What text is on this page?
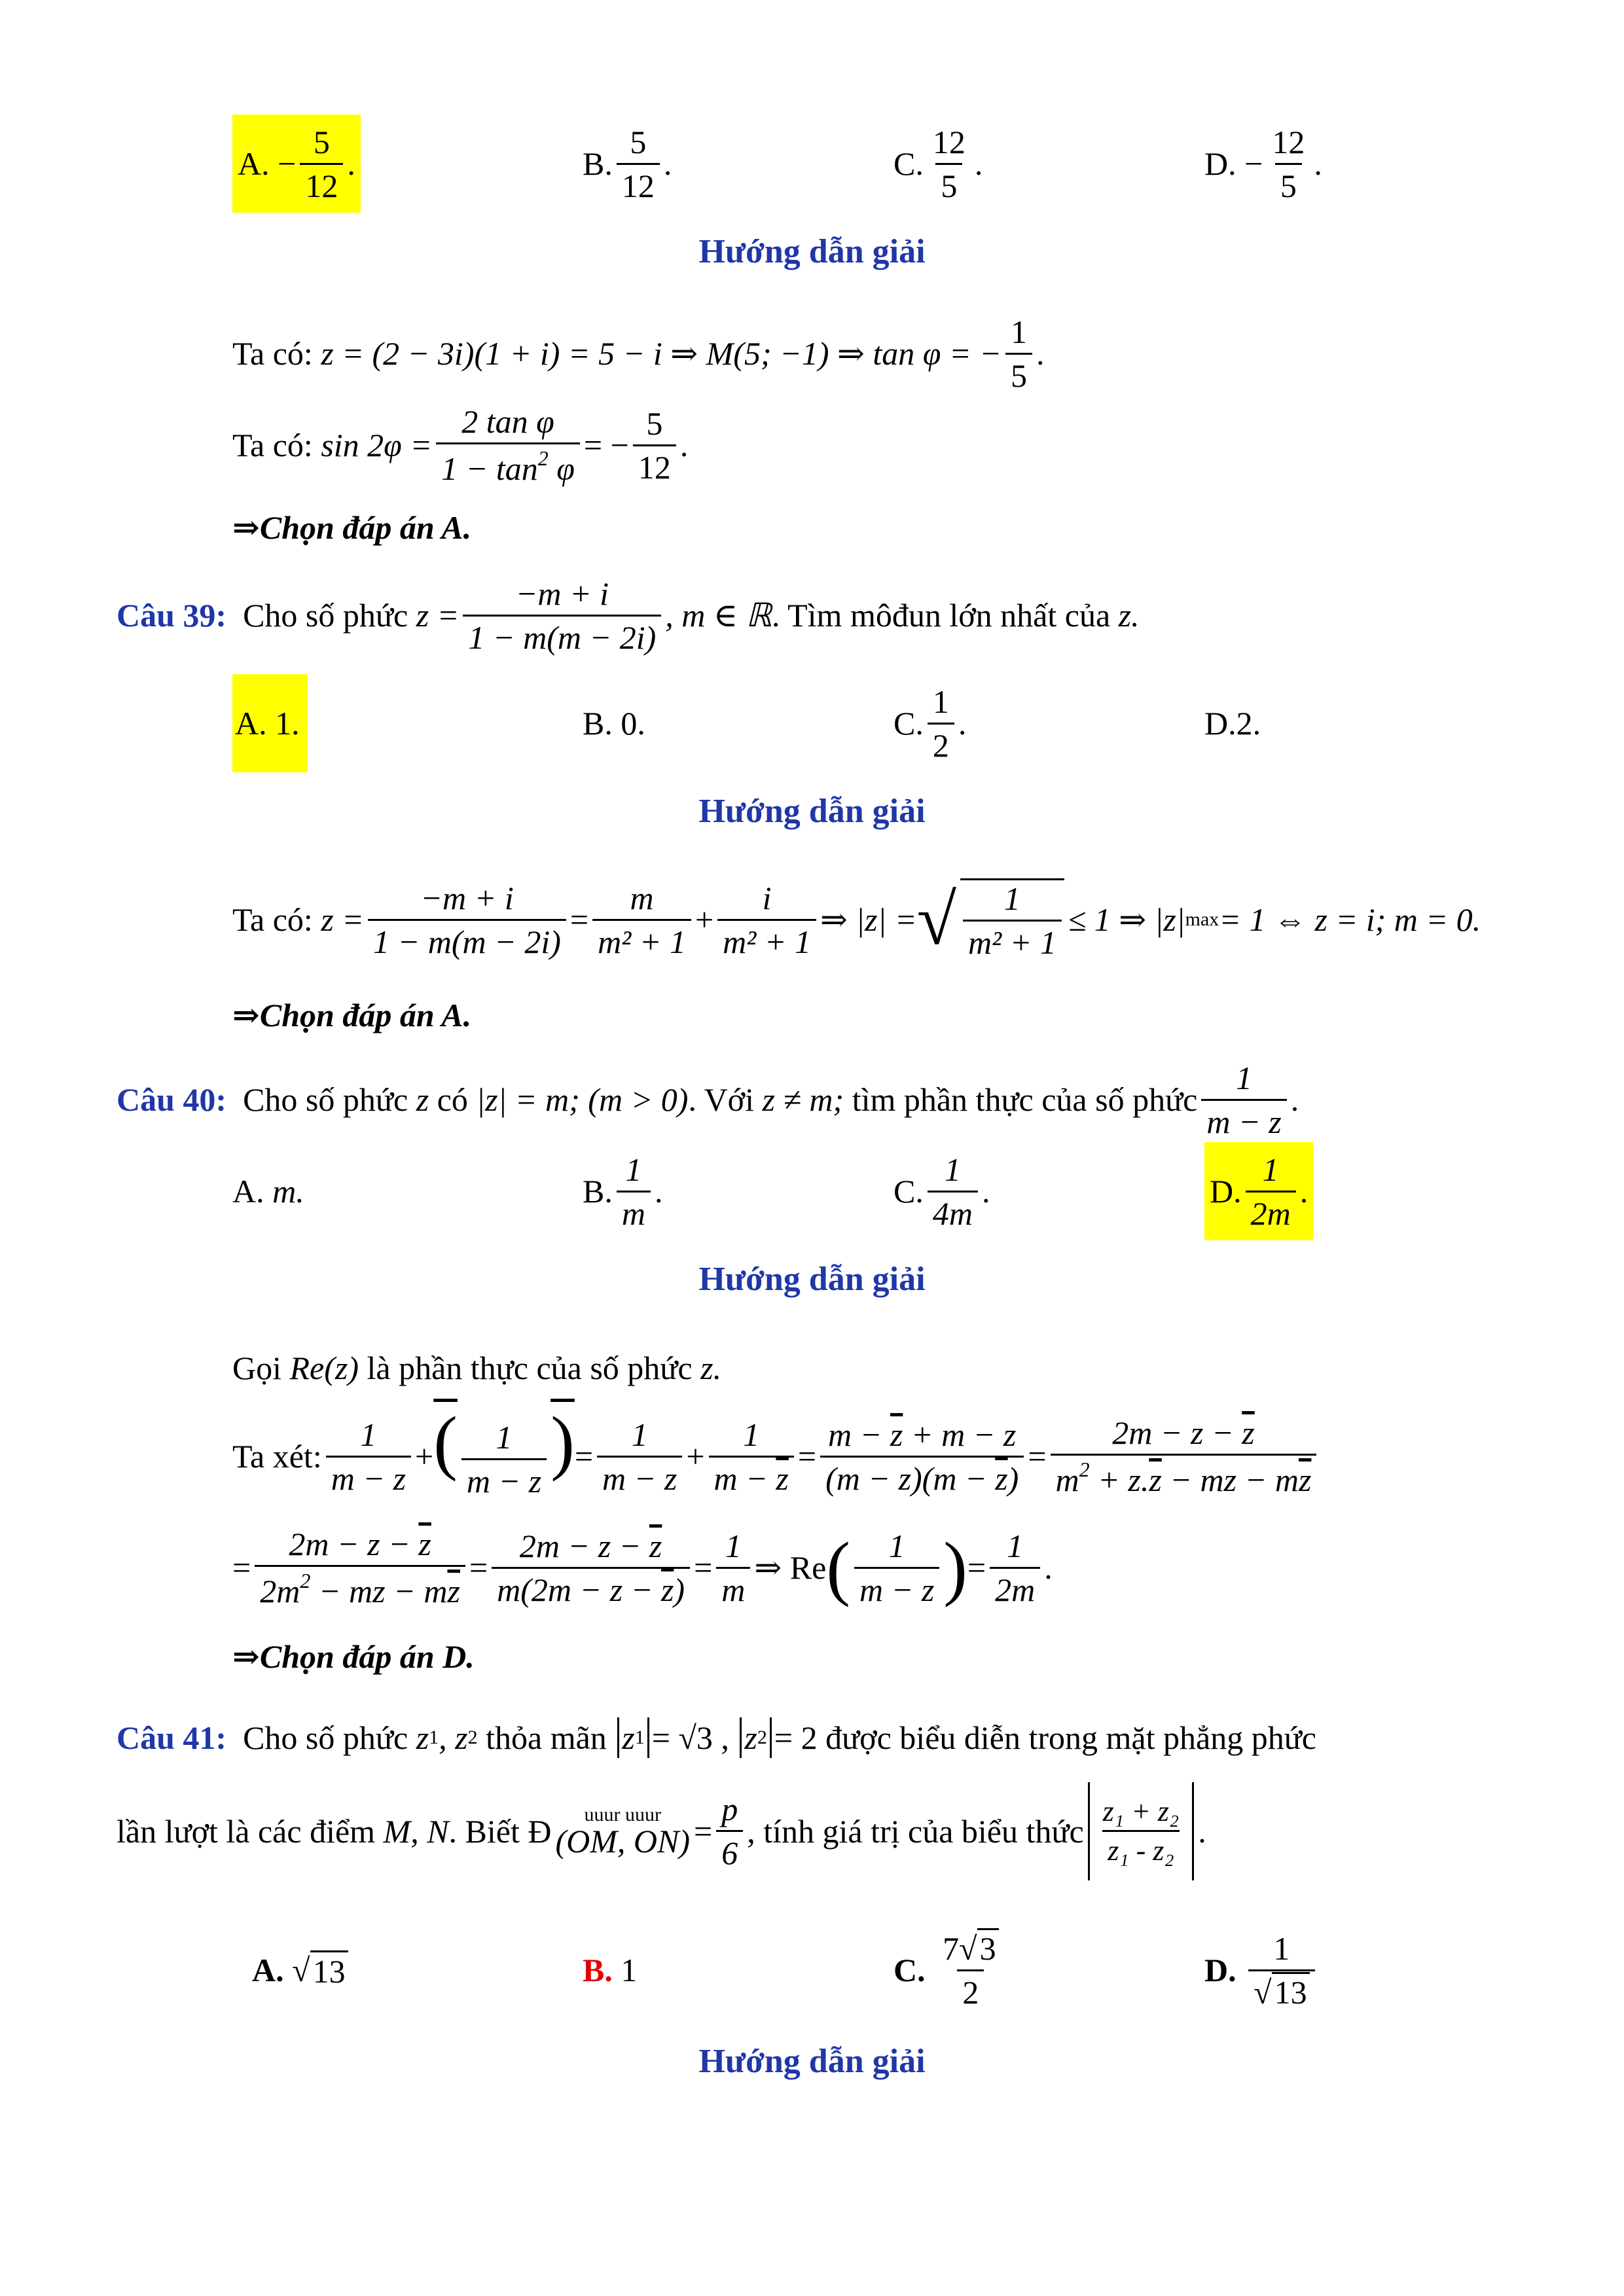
A.
− $\frac{5}{12}$ .	B. $\frac{5}{12}$ .	C. $\frac{12}{5}$ .	D.
− $\frac{12}{5}$ .
Hướng dẫn giải
Ta có:
z = (2 − 3i)(1 + i) = 5 − i ⇒ M(5; −1) ⇒ tan φ = − $\frac{1}{5}$ .
Ta có:
$\sin 2\varphi = \frac{\text{2 tan φ}}{1 - \tan^2 \varphi}$ = − $\frac{5}{12}$ .
⇒Chọn đáp án A.
Câu 39:
Cho số phức
$z = \frac{-m + i}{1 - m(m - 2i)}$ , m ∈ ℝ . Tìm môđun lớn nhất của
z.
A. 1.	B. 0.	C. $\frac{1}{2}$ .	D.2.
Hướng dẫn giải
Ta có:
$z = \frac{-m + i}{1 - m(m - 2i)} = \frac{m}{\text{m² + 1}} + \frac{i}{\text{m² + 1}}$ ⇒ |z| = √ $\frac{1}{\text{m² + 1}} \le 1$ ⇒ |z| max = 1 ⇔ z = i; m = 0.
⇒Chọn đáp án A.
Câu 40:
Cho số phức
z
có
|z| = m; (m > 0) . Với
z ≠ m;
tìm phần thực của số phức $\frac{1}{m - z}$ .
A.
m.	B. $\frac{1}{m}$ .	C. $\frac{1}{4m}$ .	D. $\frac{1}{2m}$ .
Hướng dẫn giải
Gọi
Re(z)
là phần thực của số phức
z.
Ta xét: $\frac{1}{m - z}$ + ( $\frac{1}{m - z}$ ) = $\frac{1}{m - z} + \frac{1}{m - \overline{z}} = \frac{m - \overline{z} + m - z}{(m - z)(m - \overline{z})} = \frac{2m - z - \overline{z}}{m^2 + z.\overline{z} - mz - m\overline{z}}$
= $\frac{2m - z - \overline{z}}{2m^2 - mz - m\overline{z}} = \frac{2m - z - \overline{z}}{m(2m - z - \overline{z})} = \frac{1}{m}$ ⇒ Re ( $\frac{1}{m - z}$ ) = $\frac{1}{2m}$ .
⇒Chọn đáp án D.
Câu 41:
Cho số phức
z 1 , z 2
thỏa mãn
z 1 = √3 ,
z 2 = 2
được biểu diễn trong mặt phẳng phức
lần lượt là các điểm
M, N . Biết Đ uuur uuur
(OM, $ON) = \frac{p}{6}$ , tính giá trị của biểu thức $\frac{\text{z₁ + z₂}}{\text{z₁ - z₂}}$ .
A.
√ 13	B.
1	C.
$\frac{7√3}{2}$	D.
$\frac{1}{√13}$
Hướng dẫn giải
